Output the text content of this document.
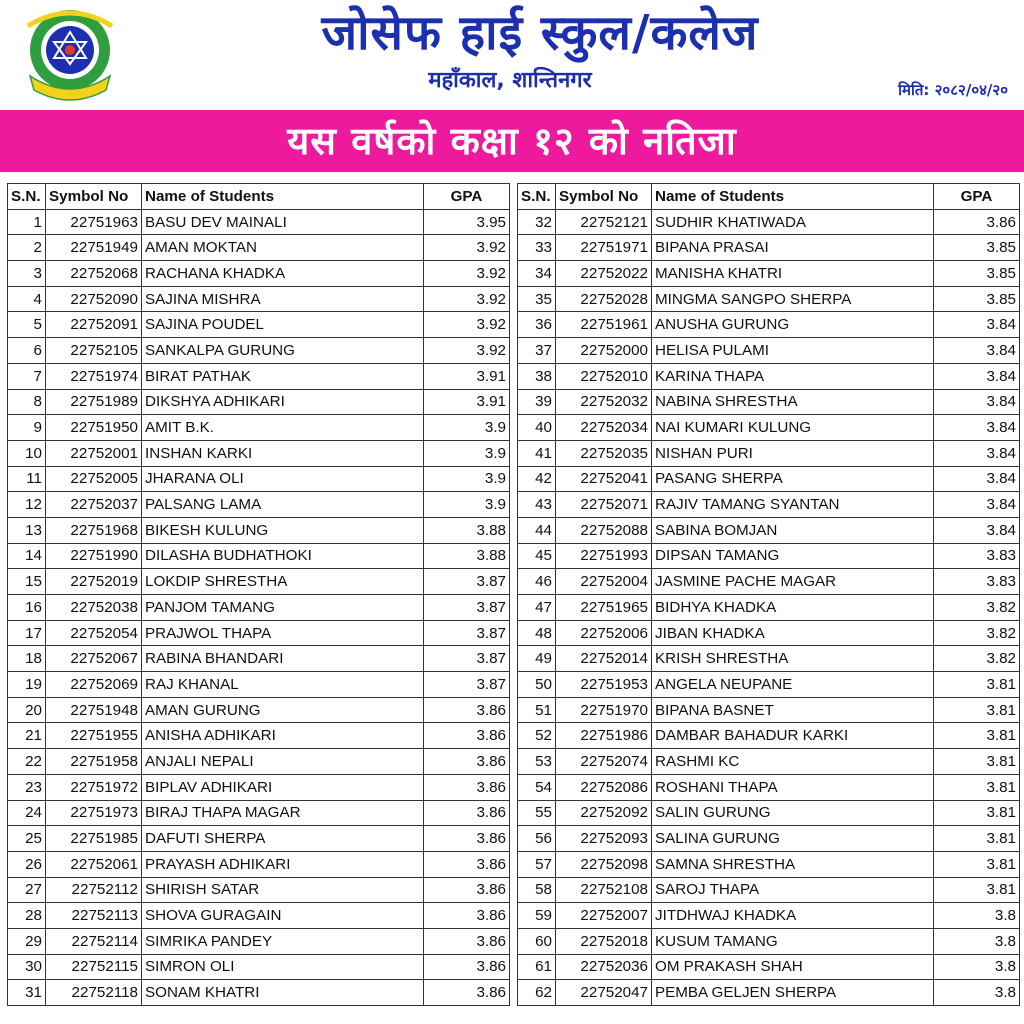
जोसेफ हाई स्कुल/कलेज
महाँकाल, शान्तिनगर	मिति: २०८२/०४/२०
यस वर्षको कक्षा १२ को नतिजा
S.N.	Symbol No	Name of Students	GPA
1	22751963	BASU DEV MAINALI	3.95
2	22751949	AMAN MOKTAN	3.92
3	22752068	RACHANA KHADKA	3.92
4	22752090	SAJINA MISHRA	3.92
5	22752091	SAJINA POUDEL	3.92
6	22752105	SANKALPA GURUNG	3.92
7	22751974	BIRAT PATHAK	3.91
8	22751989	DIKSHYA ADHIKARI	3.91
9	22751950	AMIT B.K.	3.9
10	22752001	INSHAN KARKI	3.9
11	22752005	JHARANA OLI	3.9
12	22752037	PALSANG LAMA	3.9
13	22751968	BIKESH KULUNG	3.88
14	22751990	DILASHA BUDHATHOKI	3.88
15	22752019	LOKDIP SHRESTHA	3.87
16	22752038	PANJOM TAMANG	3.87
17	22752054	PRAJWOL THAPA	3.87
18	22752067	RABINA BHANDARI	3.87
19	22752069	RAJ KHANAL	3.87
20	22751948	AMAN GURUNG	3.86
21	22751955	ANISHA ADHIKARI	3.86
22	22751958	ANJALI NEPALI	3.86
23	22751972	BIPLAV ADHIKARI	3.86
24	22751973	BIRAJ THAPA MAGAR	3.86
25	22751985	DAFUTI SHERPA	3.86
26	22752061	PRAYASH ADHIKARI	3.86
27	22752112	SHIRISH SATAR	3.86
28	22752113	SHOVA GURAGAIN	3.86
29	22752114	SIMRIKA PANDEY	3.86
30	22752115	SIMRON OLI	3.86
31	22752118	SONAM KHATRI	3.86
S.N.	Symbol No	Name of Students	GPA
32	22752121	SUDHIR KHATIWADA	3.86
33	22751971	BIPANA PRASAI	3.85
34	22752022	MANISHA KHATRI	3.85
35	22752028	MINGMA SANGPO SHERPA	3.85
36	22751961	ANUSHA GURUNG	3.84
37	22752000	HELISA PULAMI	3.84
38	22752010	KARINA THAPA	3.84
39	22752032	NABINA SHRESTHA	3.84
40	22752034	NAI KUMARI KULUNG	3.84
41	22752035	NISHAN PURI	3.84
42	22752041	PASANG SHERPA	3.84
43	22752071	RAJIV TAMANG SYANTAN	3.84
44	22752088	SABINA BOMJAN	3.84
45	22751993	DIPSAN TAMANG	3.83
46	22752004	JASMINE PACHE MAGAR	3.83
47	22751965	BIDHYA KHADKA	3.82
48	22752006	JIBAN KHADKA	3.82
49	22752014	KRISH SHRESTHA	3.82
50	22751953	ANGELA NEUPANE	3.81
51	22751970	BIPANA BASNET	3.81
52	22751986	DAMBAR BAHADUR KARKI	3.81
53	22752074	RASHMI KC	3.81
54	22752086	ROSHANI THAPA	3.81
55	22752092	SALIN GURUNG	3.81
56	22752093	SALINA GURUNG	3.81
57	22752098	SAMNA SHRESTHA	3.81
58	22752108	SAROJ THAPA	3.81
59	22752007	JITDHWAJ KHADKA	3.8
60	22752018	KUSUM TAMANG	3.8
61	22752036	OM PRAKASH SHAH	3.8
62	22752047	PEMBA GELJEN SHERPA	3.8
